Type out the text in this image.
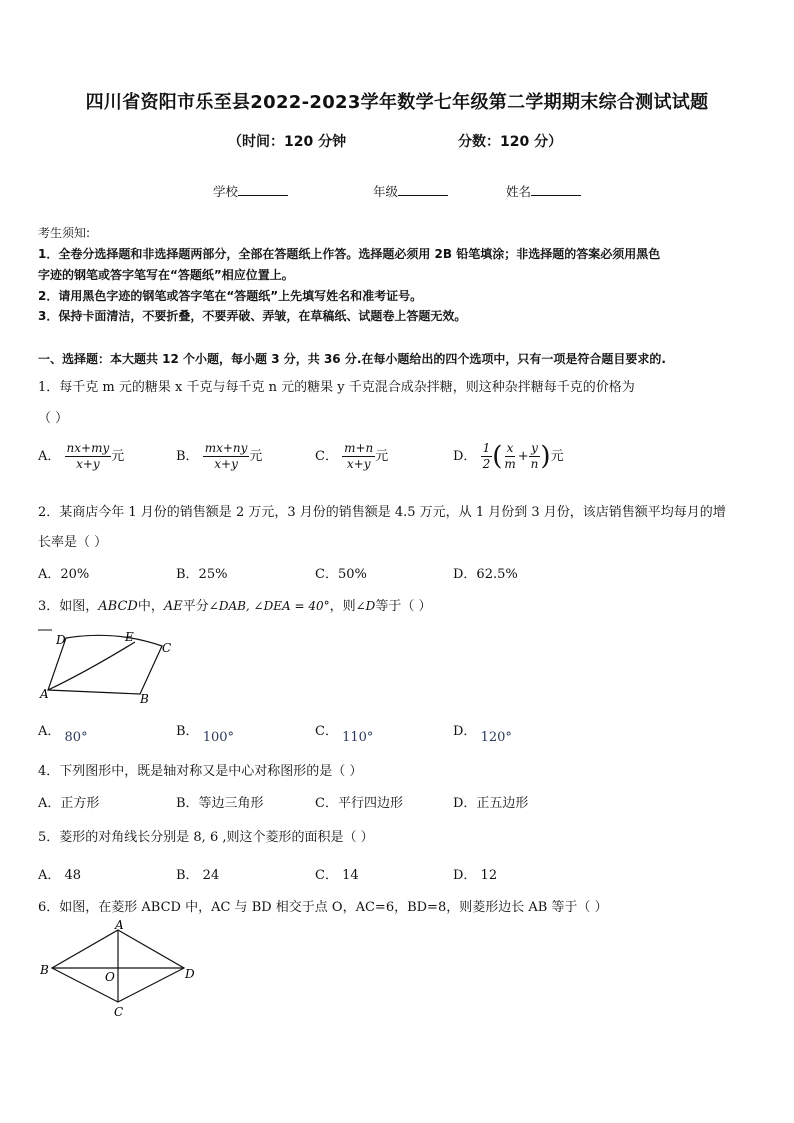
四川省资阳市乐至县2022-2023学年数学七年级第二学期期末综合测试试题
（时间：120 分钟	分数：120 分）
学校	年级	姓名
考生须知:
1．全卷分选择题和非选择题两部分，全部在答题纸上作答。选择题必须用 2B 铅笔填涂；非选择题的答案必须用黑色
字迹的钢笔或答字笔写在“答题纸”相应位置上。
2．请用黑色字迹的钢笔或答字笔在“答题纸”上先填写姓名和准考证号。
3．保持卡面清洁，不要折叠，不要弄破、弄皱，在草稿纸、试题卷上答题无效。
一、选择题：本大题共 12 个小题，每小题 3 分，共 36 分.在每小题给出的四个选项中，只有一项是符合题目要求的.
1．每千克 m 元的糖果 x 千克与每千克 n 元的糖果 y 千克混合成杂拌糖，则这种杂拌糖每千克的价格为
（ ）
A． $\frac{nx+my}{x+y}$ 元	B． $\frac{mx+ny}{x+y}$ 元	C． $\frac{m+n}{x+y}$ 元	D． $\frac{1}{2}$ ( $\frac{x}{m} + \frac{y}{n}$ )元
2．某商店今年 1 月份的销售额是 2 万元，3 月份的销售额是 4.5 万元，从 1 月份到 3 月份，该店销售额平均每月的增
长率是（ ）
A．20%	B．25%	C．50%	D．62.5%
3．如图，ABCD中，AE平分∠DAB, ∠DEA = 40°，则∠D等于（ ）
D	E
C
A	B
A． 80°	B． 100°	C． 110°	D． 120°
4．下列图形中，既是轴对称又是中心对称图形的是（ ）
A．正方形	B．等边三角形	C．平行四边形	D．正五边形
5．菱形的对角线长分别是 8, 6 ,则这个菱形的面积是（ ）
A． 48	B． 24	C． 14	D． 12
6．如图，在菱形 ABCD 中，AC 与 BD 相交于点 O，AC=6，BD=8，则菱形边长 AB 等于（ ）
A
B	D
O
C
